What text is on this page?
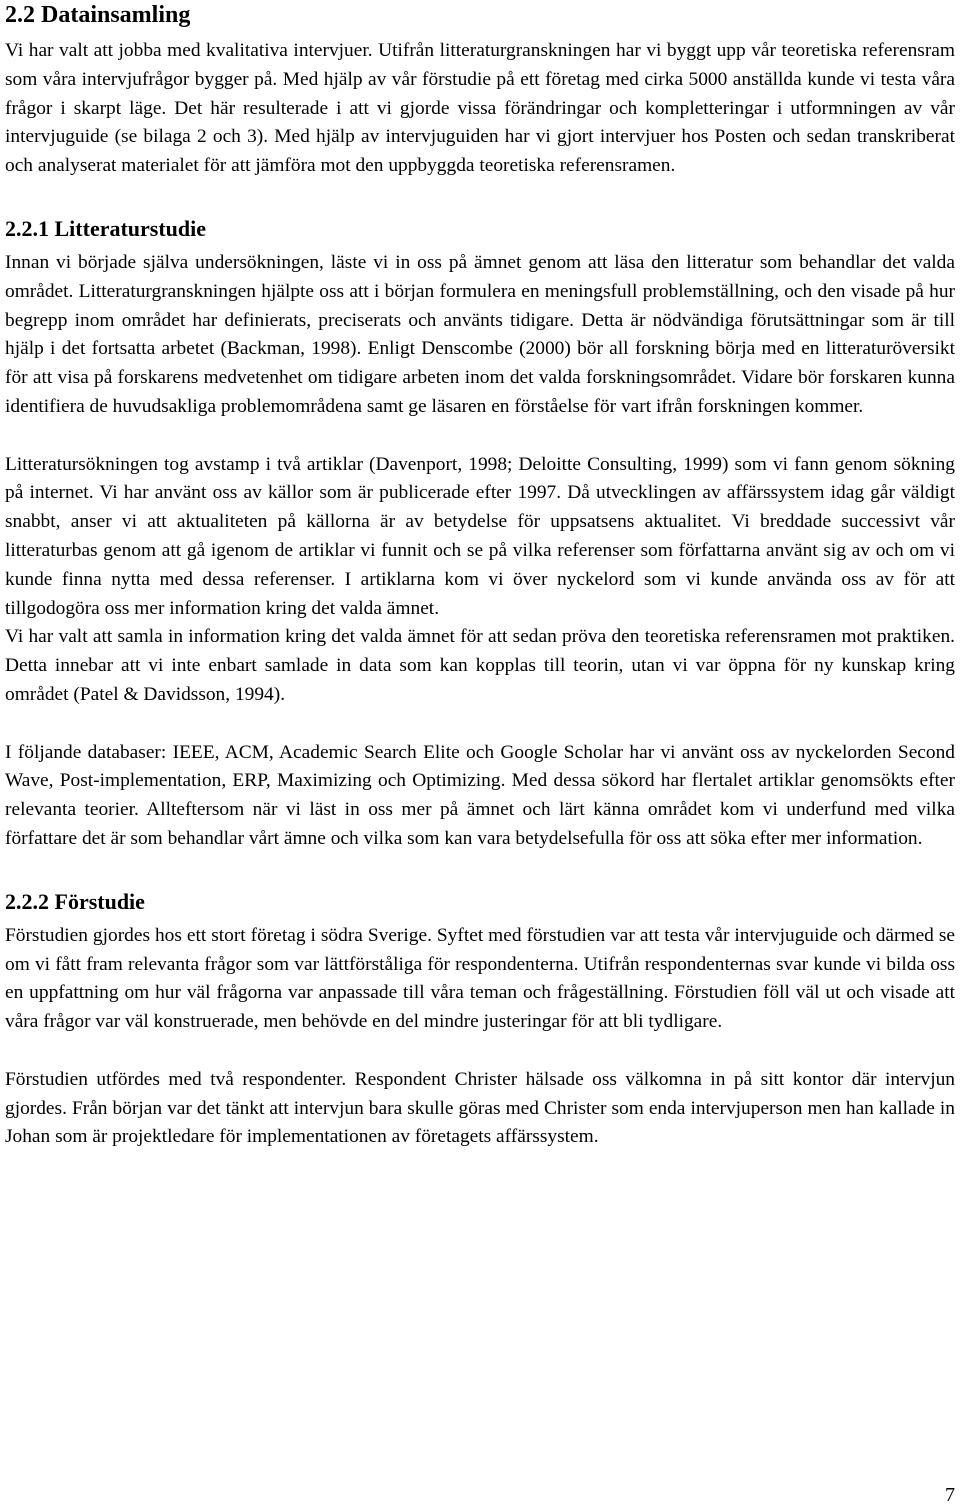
2.2 Datainsamling

Vi har valt att jobba med kvalitativa intervjuer. Utifrån litteraturgranskningen har vi byggt upp vår teoretiska referensram som våra intervjufrågor bygger på. Med hjälp av vår förstudie på ett företag med cirka 5000 anställda kunde vi testa våra frågor i skarpt läge. Det här resulterade i att vi gjorde vissa förändringar och kompletteringar i utformningen av vår intervjuguide (se bilaga 2 och 3). Med hjälp av intervjuguiden har vi gjort intervjuer hos Posten och sedan transkriberat och analyserat materialet för att jämföra mot den uppbyggda teoretiska referensramen.

2.2.1 Litteraturstudie

Innan vi började själva undersökningen, läste vi in oss på ämnet genom att läsa den litteratur som behandlar det valda området. Litteraturgranskningen hjälpte oss att i början formulera en meningsfull problemställning, och den visade på hur begrepp inom området har definierats, preciserats och använts tidigare. Detta är nödvändiga förutsättningar som är till hjälp i det fortsatta arbetet (Backman, 1998). Enligt Denscombe (2000) bör all forskning börja med en litteraturöversikt för att visa på forskarens medvetenhet om tidigare arbeten inom det valda forskningsområdet. Vidare bör forskaren kunna identifiera de huvudsakliga problemområdena samt ge läsaren en förståelse för vart ifrån forskningen kommer.

Litteratursökningen tog avstamp i två artiklar (Davenport, 1998; Deloitte Consulting, 1999) som vi fann genom sökning på internet. Vi har använt oss av källor som är publicerade efter 1997. Då utvecklingen av affärssystem idag går väldigt snabbt, anser vi att aktualiteten på källorna är av betydelse för uppsatsens aktualitet. Vi breddade successivt vår litteraturbas genom att gå igenom de artiklar vi funnit och se på vilka referenser som författarna använt sig av och om vi kunde finna nytta med dessa referenser. I artiklarna kom vi över nyckelord som vi kunde använda oss av för att tillgodogöra oss mer information kring det valda ämnet.

Vi har valt att samla in information kring det valda ämnet för att sedan pröva den teoretiska referensramen mot praktiken. Detta innebar att vi inte enbart samlade in data som kan kopplas till teorin, utan vi var öppna för ny kunskap kring området (Patel & Davidsson, 1994).

I följande databaser: IEEE, ACM, Academic Search Elite och Google Scholar har vi använt oss av nyckelorden Second Wave, Post-implementation, ERP, Maximizing och Optimizing. Med dessa sökord har flertalet artiklar genomsökts efter relevanta teorier. Allteftersom när vi läst in oss mer på ämnet och lärt känna området kom vi underfund med vilka författare det är som behandlar vårt ämne och vilka som kan vara betydelsefulla för oss att söka efter mer information.

2.2.2 Förstudie

Förstudien gjordes hos ett stort företag i södra Sverige. Syftet med förstudien var att testa vår intervjuguide och därmed se om vi fått fram relevanta frågor som var lättförståliga för respondenterna. Utifrån respondenternas svar kunde vi bilda oss en uppfattning om hur väl frågorna var anpassade till våra teman och frågeställning. Förstudien föll väl ut och visade att våra frågor var väl konstruerade, men behövde en del mindre justeringar för att bli tydligare.

Förstudien utfördes med två respondenter. Respondent Christer hälsade oss välkomna in på sitt kontor där intervjun gjordes. Från början var det tänkt att intervjun bara skulle göras med Christer som enda intervjuperson men han kallade in Johan som är projektledare för implementationen av företagets affärssystem.

7
